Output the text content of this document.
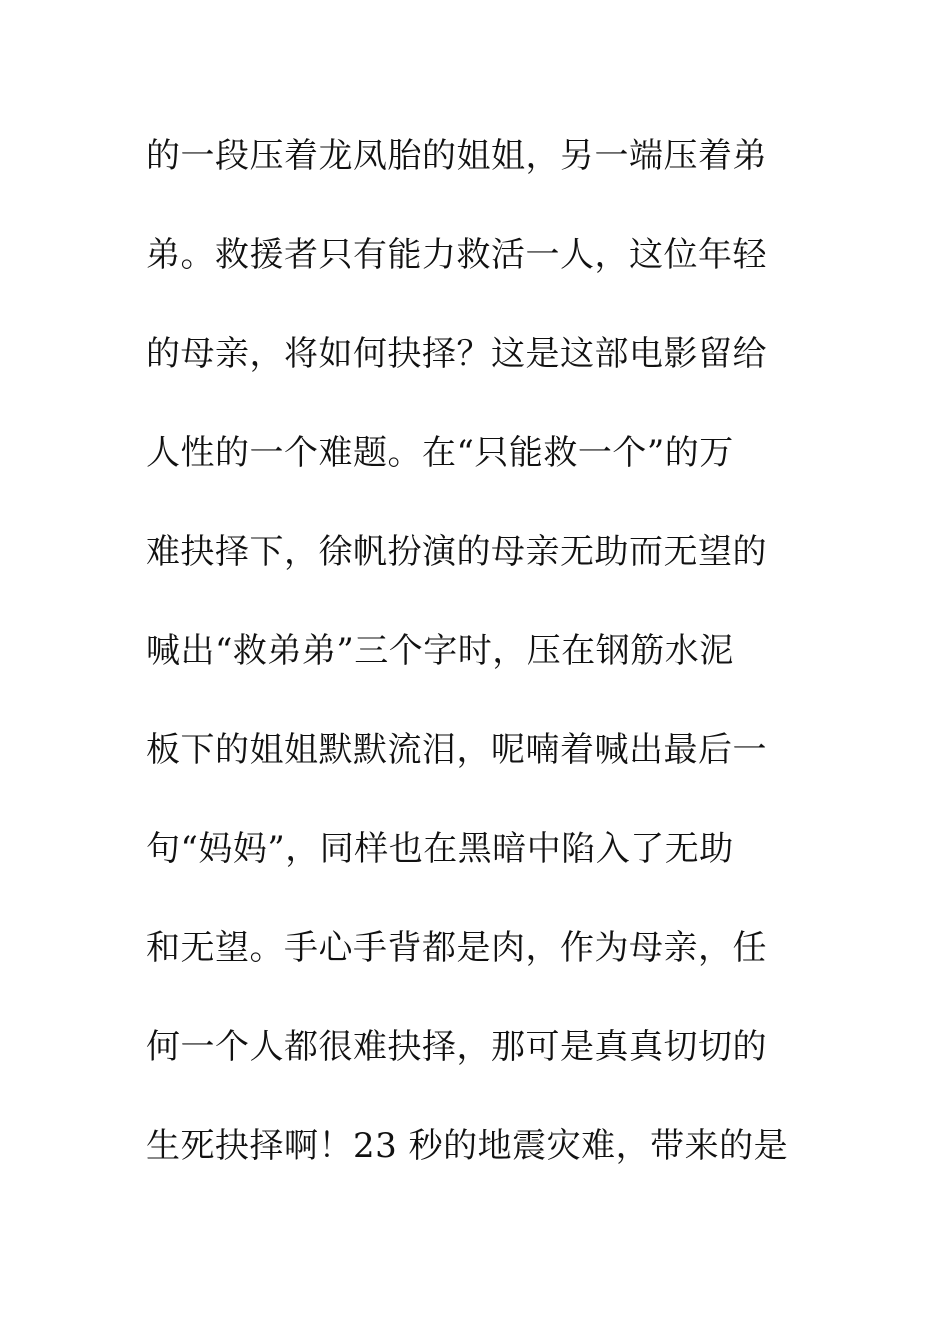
的一段压着龙凤胎的姐姐，另一端压着弟
弟。救援者只有能力救活一人，这位年轻
的母亲，将如何抉择？这是这部电影留给
人性的一个难题。在“只能救一个”的万
难抉择下，徐帆扮演的母亲无助而无望的
喊出“救弟弟”三个字时，压在钢筋水泥
板下的姐姐默默流泪，呢喃着喊出最后一
句“妈妈”，同样也在黑暗中陷入了无助
和无望。手心手背都是肉，作为母亲，任
何一个人都很难抉择，那可是真真切切的
生死抉择啊！23 秒的地震灾难，带来的是
